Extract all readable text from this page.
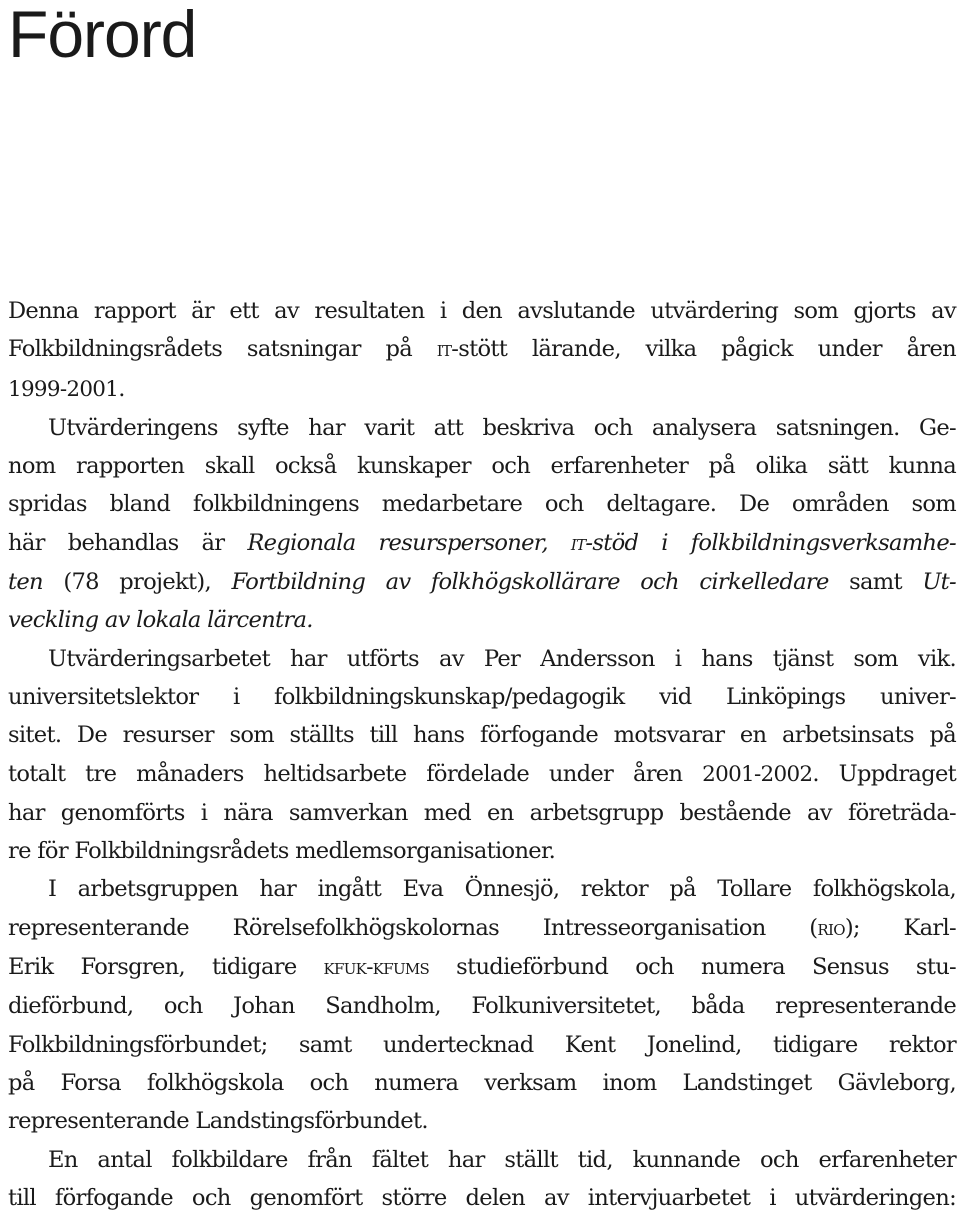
Förord

Denna rapport är ett av resultaten i den avslutande utvärdering som gjorts av
Folkbildningsrådets satsningar på it-stött lärande, vilka pågick under åren
1999-2001.

Utvärderingens syfte har varit att beskriva och analysera satsningen. Ge-
nom rapporten skall också kunskaper och erfarenheter på olika sätt kunna
spridas bland folkbildningens medarbetare och deltagare. De områden som
här behandlas är Regionala resurspersoner, it-stöd i folkbildningsverksamhe-
ten (78 projekt), Fortbildning av folkhögskollärare och cirkelledare samt Ut-
veckling av lokala lärcentra.

Utvärderingsarbetet har utförts av Per Andersson i hans tjänst som vik.
universitetslektor i folkbildningskunskap/pedagogik vid Linköpings univer-
sitet. De resurser som ställts till hans förfogande motsvarar en arbetsinsats på
totalt tre månaders heltidsarbete fördelade under åren 2001-2002. Uppdraget
har genomförts i nära samverkan med en arbetsgrupp bestående av företräda-
re för Folkbildningsrådets medlemsorganisationer.

I arbetsgruppen har ingått Eva Önnesjö, rektor på Tollare folkhögskola,
representerande Rörelsefolkhögskolornas Intresseorganisation (rio); Karl-
Erik Forsgren, tidigare kfuk-kfums studieförbund och numera Sensus stu-
dieförbund, och Johan Sandholm, Folkuniversitetet, båda representerande
Folkbildningsförbundet; samt undertecknad Kent Jonelind, tidigare rektor
på Forsa folkhögskola och numera verksam inom Landstinget Gävleborg,
representerande Landstingsförbundet.

En antal folkbildare från fältet har ställt tid, kunnande och erfarenheter
till förfogande och genomfört större delen av intervjuarbetet i utvärderingen:
